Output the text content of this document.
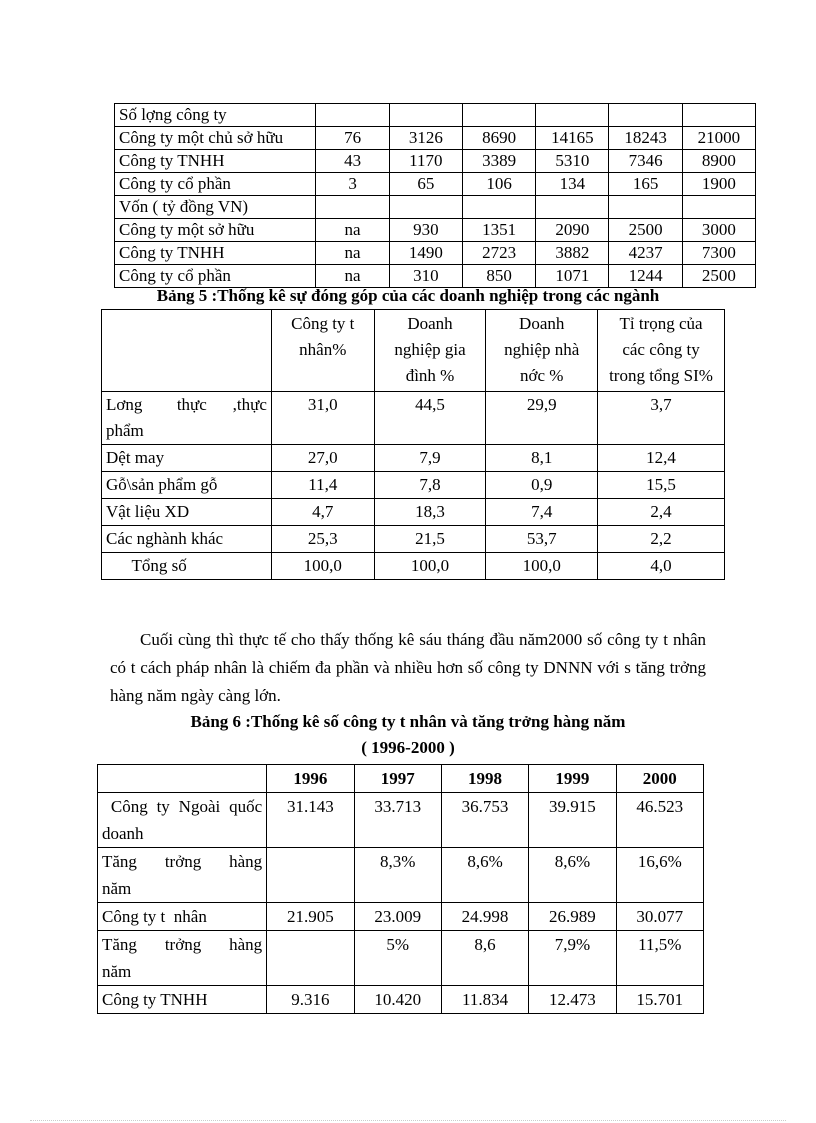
Số lợng công ty						
Công ty một chủ sở hữu	76	3126	8690	14165	18243	21000
Công ty TNHH	43	1170	3389	5310	7346	8900
Công ty cổ phần	3	65	106	134	165	1900
Vốn ( tỷ đồng VN)						
Công ty một sở hữu	na	930	1351	2090	2500	3000
Công ty TNHH	na	1490	2723	3882	4237	7300
Công ty cổ phần	na	310	850	1071	1244	2500
Bảng 5 :Thống kê sự đóng góp của các doanh nghiệp trong các ngành
	Công ty t nhân%	Doanh nghiệp gia đình %	Doanh nghiệp nhà nớc %	Tỉ trọng của các công ty trong tổng SI%
Lơng        thực      ,thực phẩm	31,0	44,5	29,9	3,7
Dệt may	27,0	7,9	8,1	12,4
Gỗ\sản phẩm gỗ	11,4	7,8	0,9	15,5
Vật liệu XD	4,7	18,3	7,4	2,4
Các nghành khác	25,3	21,5	53,7	2,2
Tổng số	100,0	100,0	100,0	4,0
Cuối cùng thì thực tế cho thấy thống kê sáu tháng đầu năm2000 số công ty t nhân có t cách pháp nhân là chiếm đa phần và nhiều hơn số công ty DNNN với s tăng trởng hàng năm ngày càng lớn.
Bảng 6 :Thống kê số công ty t nhân và tăng trởng hàng năm
( 1996-2000 )
	1996	1997	1998	1999	2000
Công ty Ngoài quốc doanh	31.143	33.713	36.753	39.915	46.523
Tăng      trởng      hàng năm		8,3%	8,6%	8,6%	16,6%
Công ty t  nhân	21.905	23.009	24.998	26.989	30.077
Tăng      trởng      hàng năm		5%	8,6	7,9%	11,5%
Công ty TNHH	9.316	10.420	11.834	12.473	15.701
